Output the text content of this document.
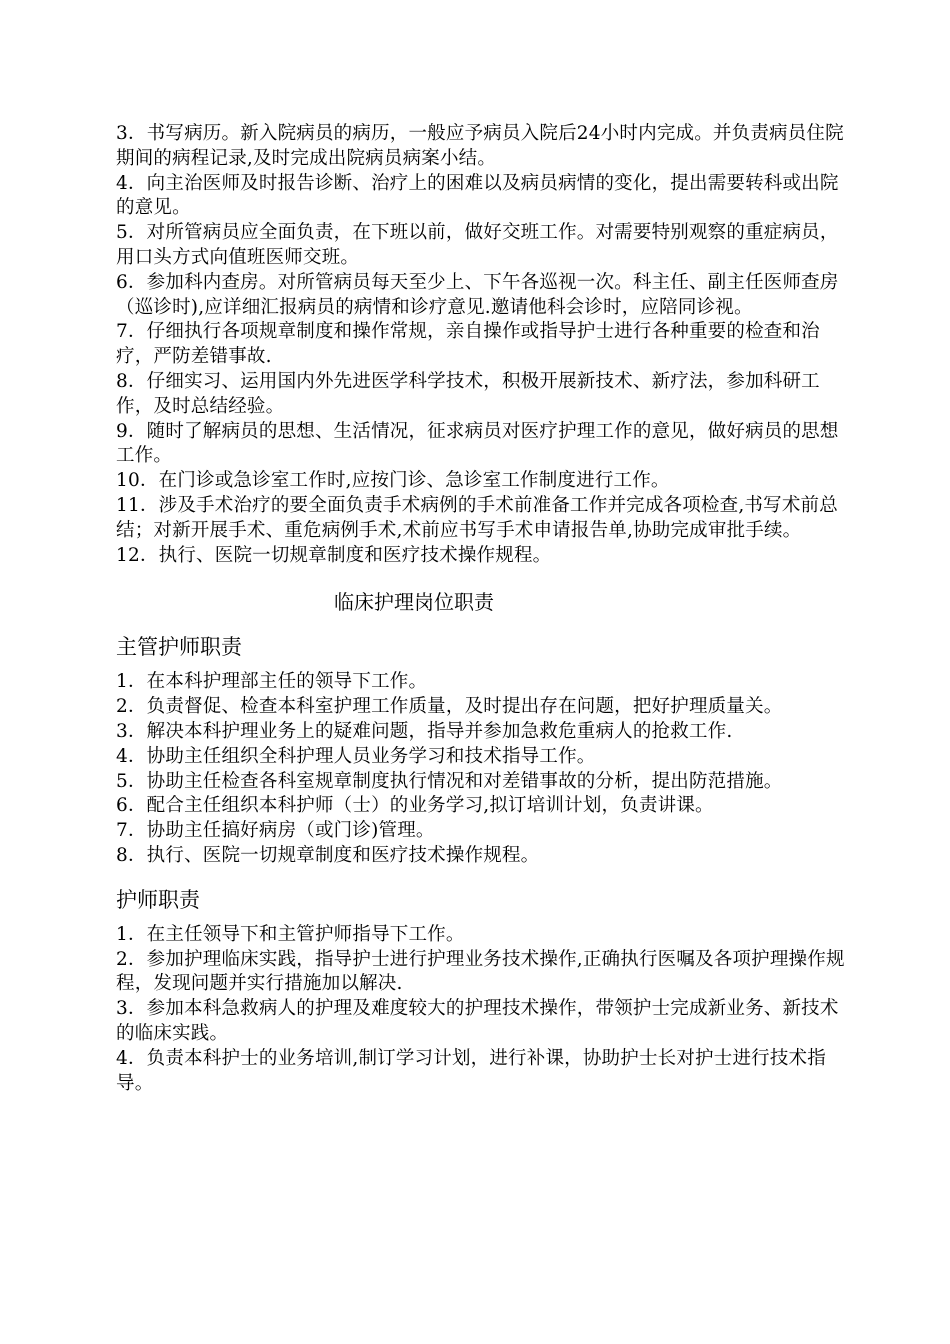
3．书写病历。新入院病员的病历，一般应予病员入院后24小时内完成。并负责病员住院期间的病程记录,及时完成出院病员病案小结。

4．向主治医师及时报告诊断、治疗上的困难以及病员病情的变化，提出需要转科或出院的意见。

5．对所管病员应全面负责，在下班以前，做好交班工作。对需要特别观察的重症病员，用口头方式向值班医师交班。

6．参加科内查房。对所管病员每天至少上、下午各巡视一次。科主任、副主任医师查房（巡诊时),应详细汇报病员的病情和诊疗意见.邀请他科会诊时，应陪同诊视。

7．仔细执行各项规章制度和操作常规，亲自操作或指导护士进行各种重要的检查和治疗，严防差错事故.

8．仔细实习、运用国内外先进医学科学技术，积极开展新技术、新疗法，参加科研工作，及时总结经验。

9．随时了解病员的思想、生活情况，征求病员对医疗护理工作的意见，做好病员的思想工作。

10．在门诊或急诊室工作时,应按门诊、急诊室工作制度进行工作。

11．涉及手术治疗的要全面负责手术病例的手术前准备工作并完成各项检查,书写术前总结；对新开展手术、重危病例手术,术前应书写手术申请报告单,协助完成审批手续。

12．执行、医院一切规章制度和医疗技术操作规程。

临床护理岗位职责
主管护师职责

1．在本科护理部主任的领导下工作。

2．负责督促、检查本科室护理工作质量，及时提出存在问题，把好护理质量关。

3．解决本科护理业务上的疑难问题，指导并参加急救危重病人的抢救工作.

4．协助主任组织全科护理人员业务学习和技术指导工作。

5．协助主任检查各科室规章制度执行情况和对差错事故的分析，提出防范措施。

6．配合主任组织本科护师（士）的业务学习,拟订培训计划，负责讲课。

7．协助主任搞好病房（或门诊)管理。

8．执行、医院一切规章制度和医疗技术操作规程。

护师职责

1．在主任领导下和主管护师指导下工作。

2．参加护理临床实践，指导护士进行护理业务技术操作,正确执行医嘱及各项护理操作规程，发现问题并实行措施加以解决.

3．参加本科急救病人的护理及难度较大的护理技术操作，带领护士完成新业务、新技术的临床实践。

4．负责本科护士的业务培训,制订学习计划，进行补课，协助护士长对护士进行技术指导。
